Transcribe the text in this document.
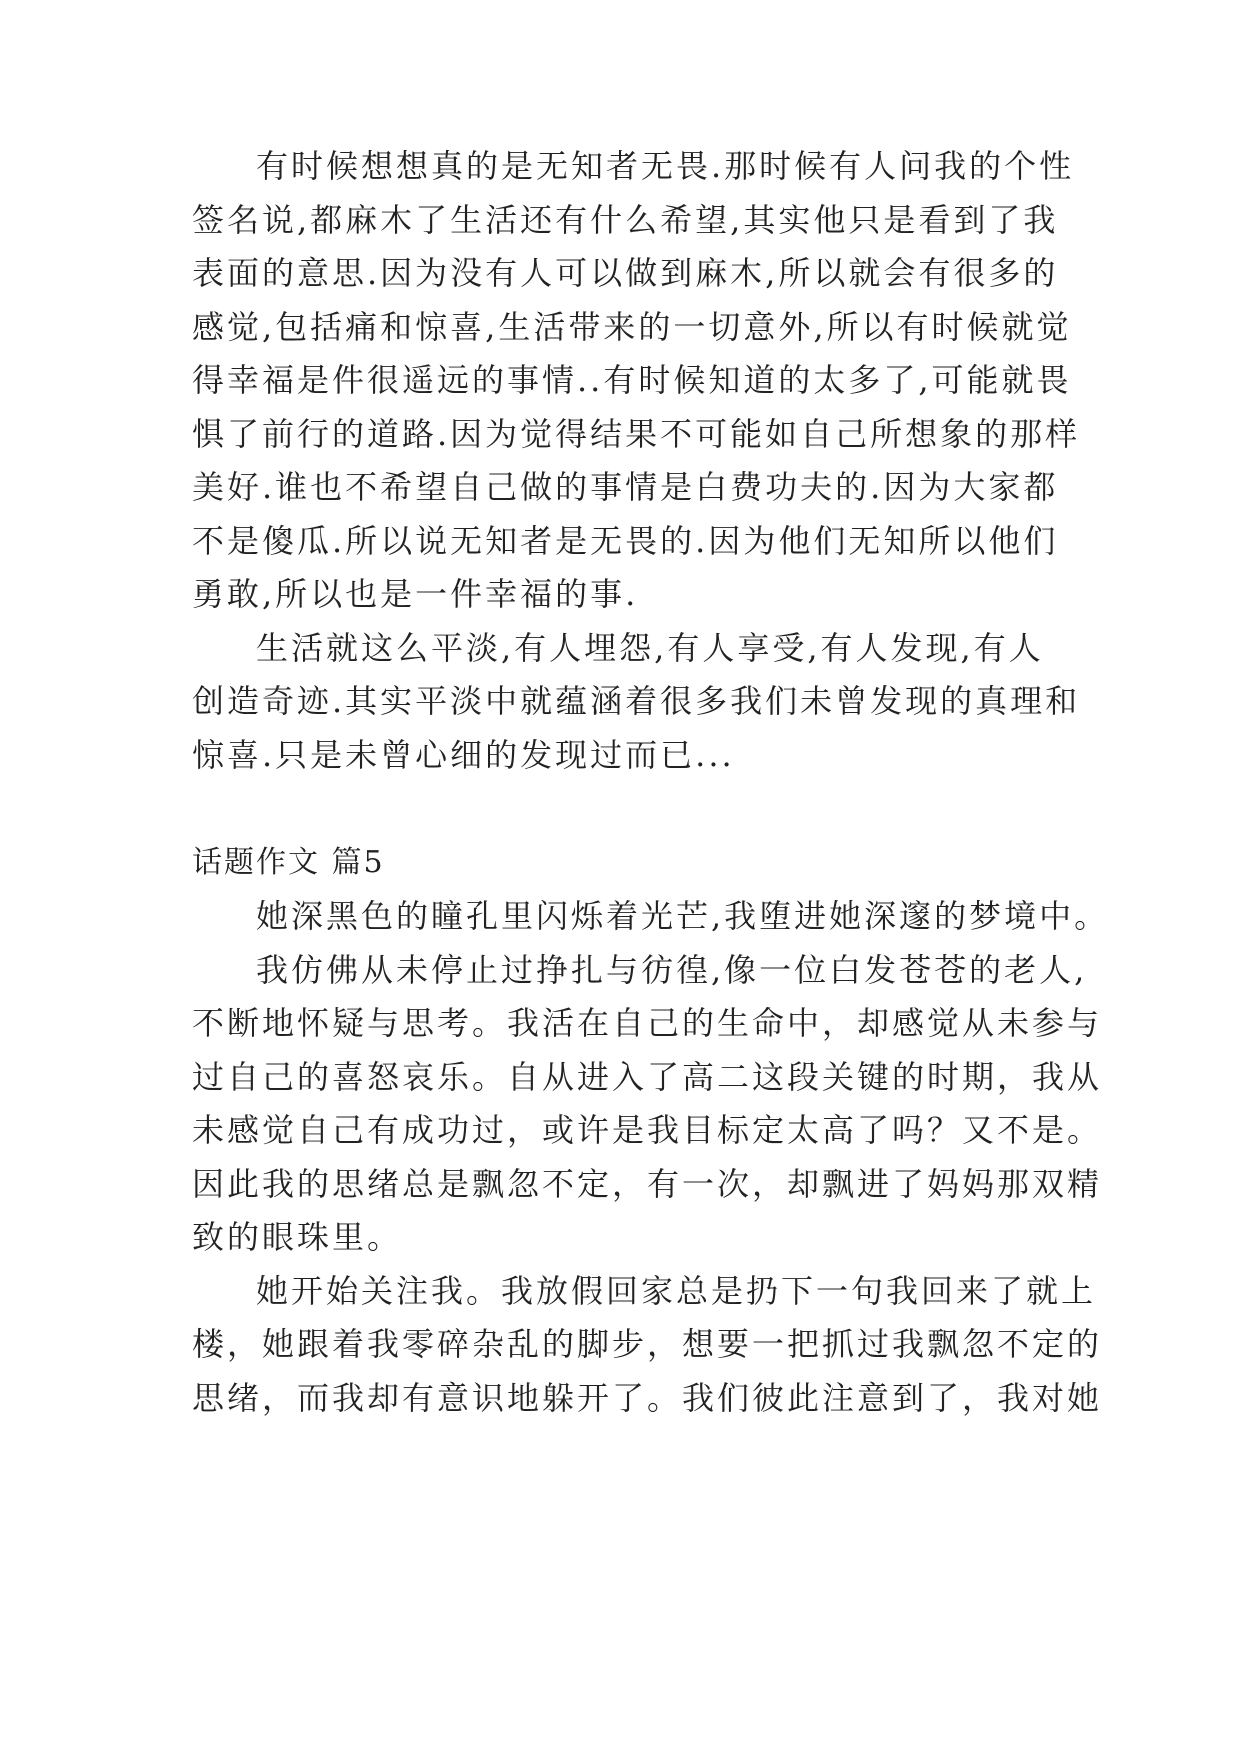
有时候想想真的是无知者无畏.那时候有人问我的个性
签名说,都麻木了生活还有什么希望,其实他只是看到了我
表面的意思.因为没有人可以做到麻木,所以就会有很多的
感觉,包括痛和惊喜,生活带来的一切意外,所以有时候就觉
得幸福是件很遥远的事情..有时候知道的太多了,可能就畏
惧了前行的道路.因为觉得结果不可能如自己所想象的那样
美好.谁也不希望自己做的事情是白费功夫的.因为大家都
不是傻瓜.所以说无知者是无畏的.因为他们无知所以他们
勇敢,所以也是一件幸福的事.
生活就这么平淡,有人埋怨,有人享受,有人发现,有人
创造奇迹.其实平淡中就蕴涵着很多我们未曾发现的真理和
惊喜.只是未曾心细的发现过而已...
话题作文 篇5
她深黑色的瞳孔里闪烁着光芒,我堕进她深邃的梦境中。
我仿佛从未停止过挣扎与彷徨,像一位白发苍苍的老人,
不断地怀疑与思考。我活在自己的生命中，却感觉从未参与
过自己的喜怒哀乐。自从进入了高二这段关键的时期，我从
未感觉自己有成功过，或许是我目标定太高了吗？又不是。
因此我的思绪总是飘忽不定，有一次，却飘进了妈妈那双精
致的眼珠里。
她开始关注我。我放假回家总是扔下一句我回来了就上
楼，她跟着我零碎杂乱的脚步，想要一把抓过我飘忽不定的
思绪，而我却有意识地躲开了。我们彼此注意到了，我对她
